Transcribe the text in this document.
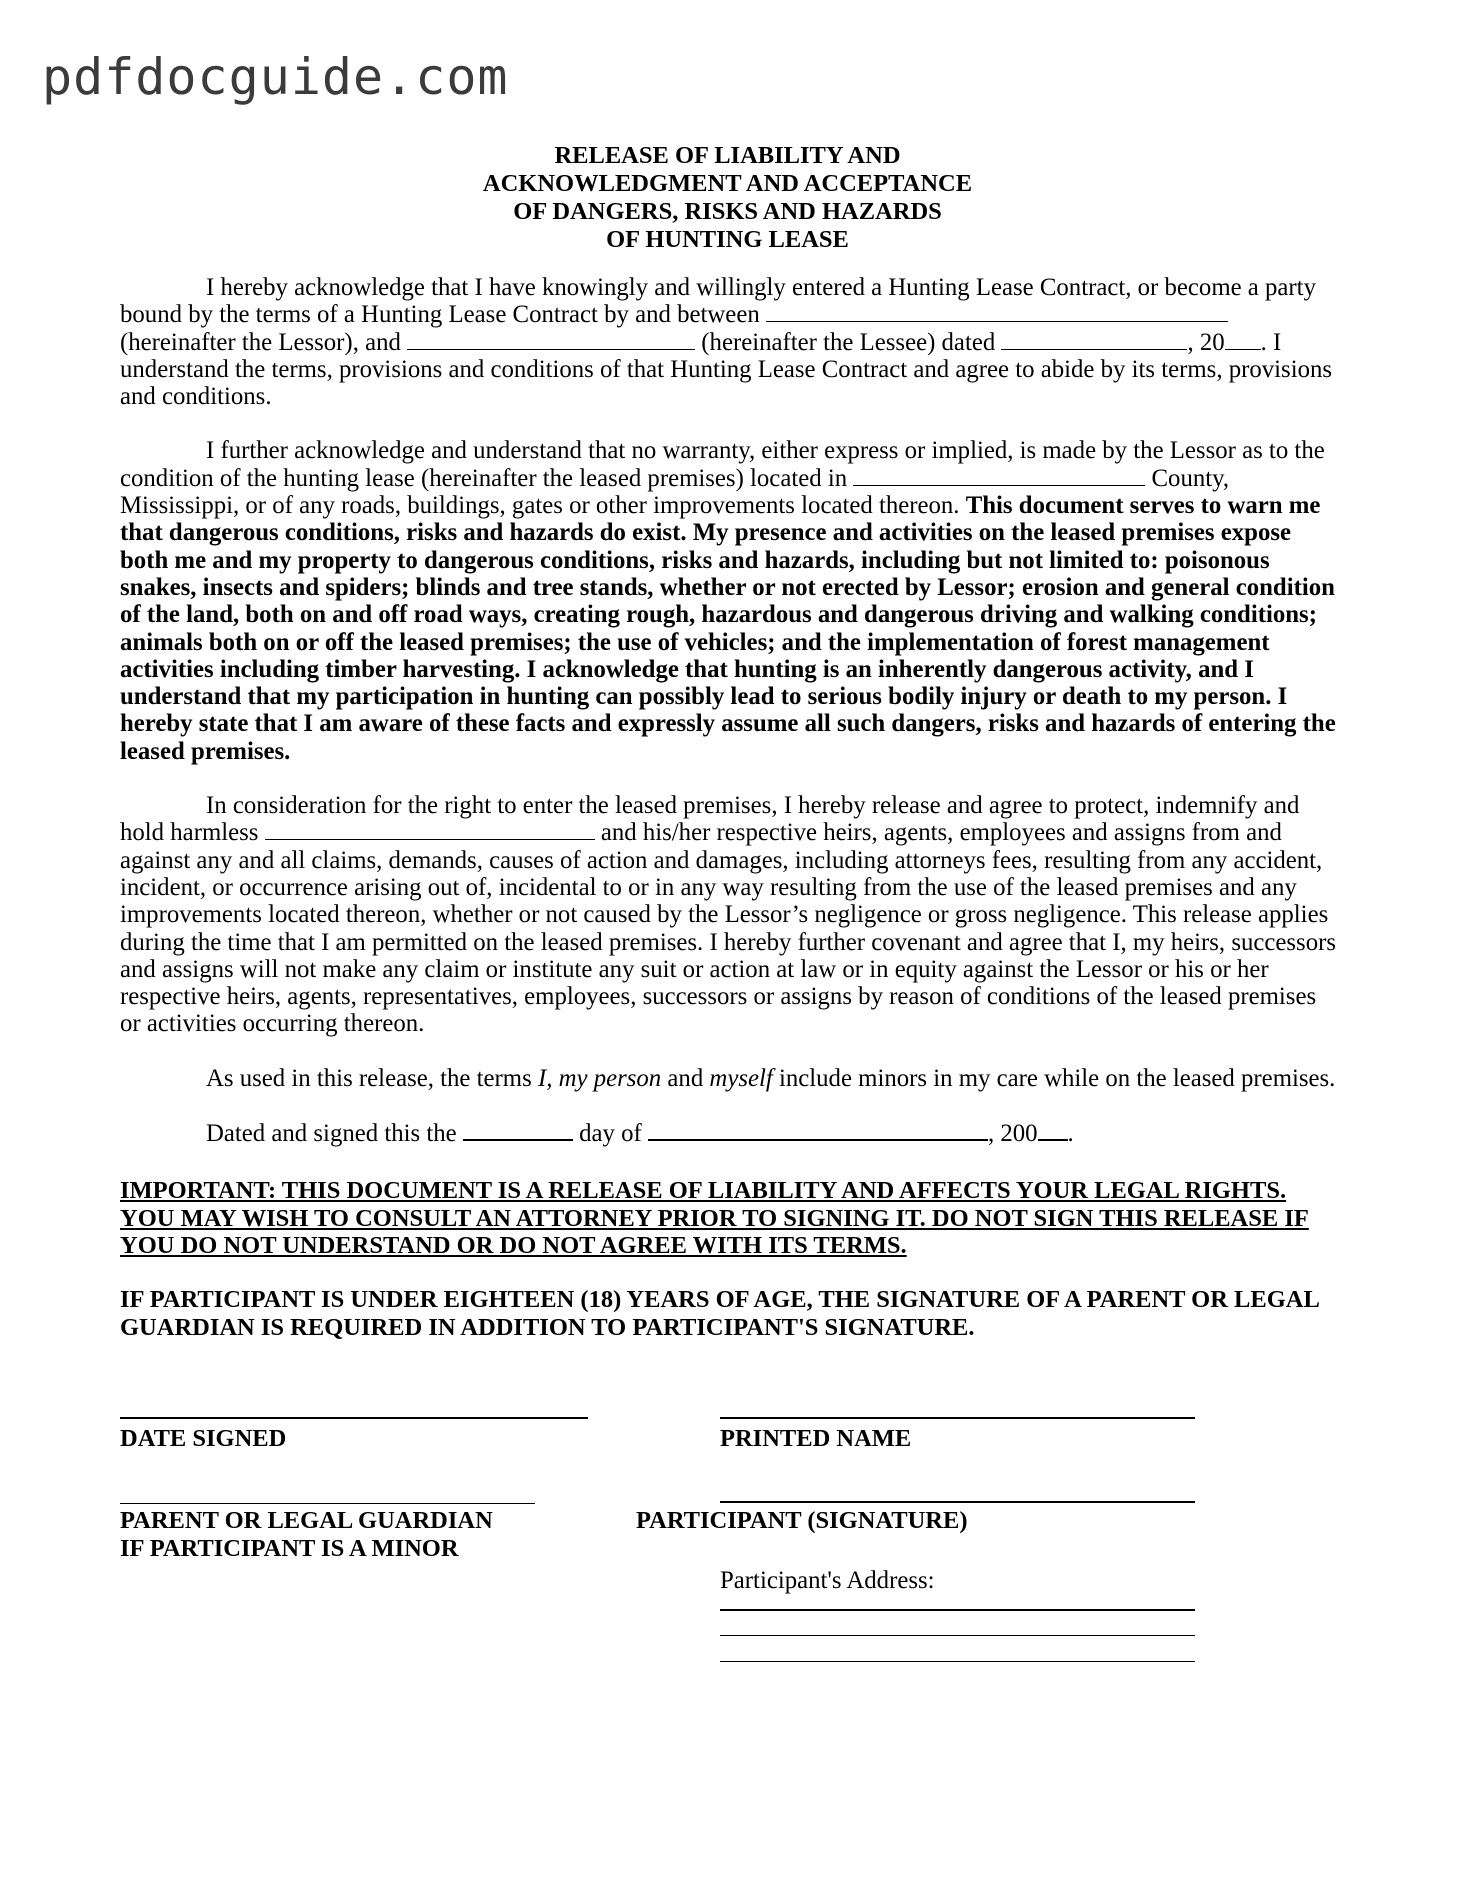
pdfdocguide.com
RELEASE OF LIABILITY AND
ACKNOWLEDGMENT AND ACCEPTANCE
OF DANGERS, RISKS AND HAZARDS
OF HUNTING LEASE

I hereby acknowledge that I have knowingly and willingly entered a Hunting Lease Contract, or become a party bound by the terms of a Hunting Lease Contract by and between  (hereinafter the Lessor), and	(hereinafter the Lessee) dated	, 20 . I understand the terms, provisions and conditions of that Hunting Lease Contract and agree to abide by its terms, provisions and conditions.

I further acknowledge and understand that no warranty, either express or implied, is made by the Lessor as to the condition of the hunting lease (hereinafter the leased premises) located in	County, Mississippi, or of any roads, buildings, gates or other improvements located thereon. This document serves to warn me that dangerous conditions, risks and hazards do exist. My presence and activities on the leased premises expose both me and my property to dangerous conditions, risks and hazards, including but not limited to: poisonous snakes, insects and spiders; blinds and tree stands, whether or not erected by Lessor; erosion and general condition of the land, both on and off road ways, creating rough, hazardous and dangerous driving and walking conditions; animals both on or off the leased premises; the use of vehicles; and the implementation of forest management activities including timber harvesting. I acknowledge that hunting is an inherently dangerous activity, and I understand that my participation in hunting can possibly lead to serious bodily injury or death to my person. I hereby state that I am aware of these facts and expressly assume all such dangers, risks and hazards of entering the leased premises.

In consideration for the right to enter the leased premises, I hereby release and agree to protect, indemnify and hold harmless	and his/her respective heirs, agents, employees and assigns from and against any and all claims, demands, causes of action and damages, including attorneys fees, resulting from any accident, incident, or occurrence arising out of, incidental to or in any way resulting from the use of the leased premises and any improvements located thereon, whether or not caused by the Lessor’s negligence or gross negligence. This release applies during the time that I am permitted on the leased premises. I hereby further covenant and agree that I, my heirs, successors and assigns will not make any claim or institute any suit or action at law or in equity against the Lessor or his or her respective heirs, agents, representatives, employees, successors or assigns by reason of conditions of the leased premises or activities occurring thereon.

As used in this release, the terms I, my person and myself include minors in my care while on the leased premises.

Dated and signed this the	day of	, 200 .

IMPORTANT: THIS DOCUMENT IS A RELEASE OF LIABILITY AND AFFECTS YOUR LEGAL RIGHTS. YOU MAY WISH TO CONSULT AN ATTORNEY PRIOR TO SIGNING IT. DO NOT SIGN THIS RELEASE IF YOU DO NOT UNDERSTAND OR DO NOT AGREE WITH ITS TERMS.

IF PARTICIPANT IS UNDER EIGHTEEN (18) YEARS OF AGE, THE SIGNATURE OF A PARENT OR LEGAL GUARDIAN IS REQUIRED IN ADDITION TO PARTICIPANT'S SIGNATURE.

DATE SIGNED	PRINTED NAME
PARENT OR LEGAL GUARDIAN
IF PARTICIPANT IS A MINOR
PARTICIPANT (SIGNATURE)
Participant's Address:
